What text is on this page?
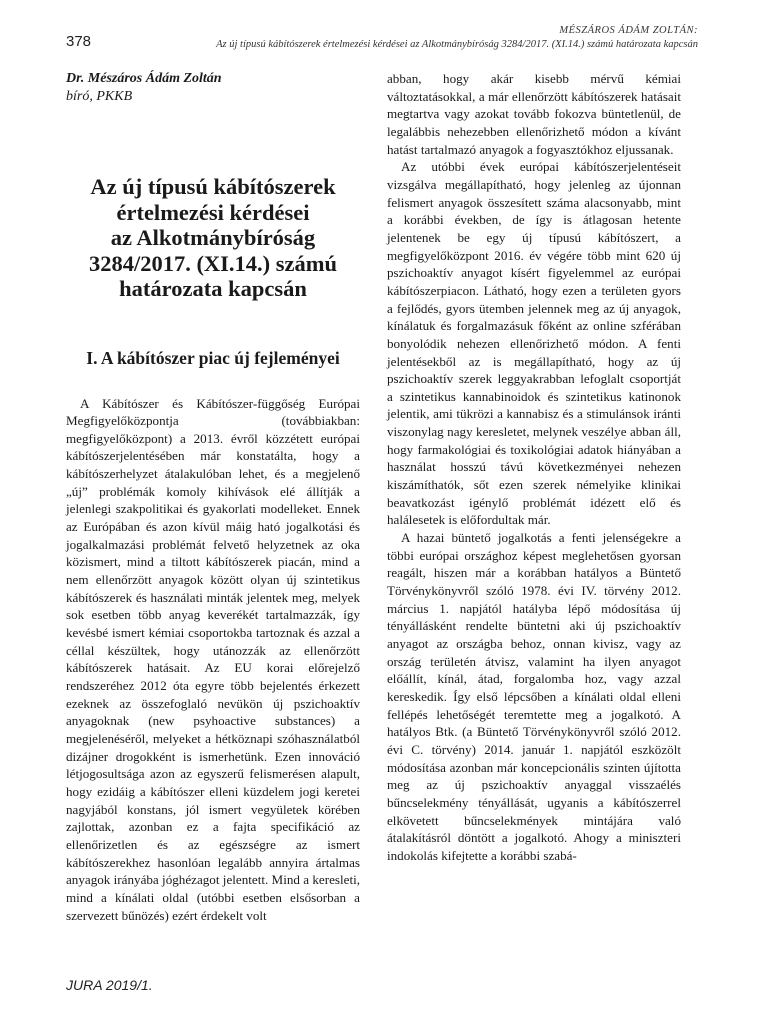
378
MÉSZÁROS ÁDÁM ZOLTÁN:
Az új típusú kábítószerek értelmezési kérdései az Alkotmánybíróság 3284/2017. (XI.14.) számú határozata kapcsán

Dr. Mészáros Ádám Zoltán

bíró, PKKB

Az új típusú kábítószerek
értelmezési kérdései
az Alkotmánybíróság
3284/2017. (XI.14.) számú
határozata kapcsán
I. A kábítószer piac új fejleményei

A Kábítószer és Kábítószer-függőség Európai Megfigyelőközpontja (továbbiakban: megfigyelőközpont) a 2013. évről közzétett európai kábítószerjelentésében már konstatálta, hogy a kábítószerhelyzet átalakulóban lehet, és a megjelenő „új” problémák komoly kihívások elé állítják a jelenlegi szakpolitikai és gyakorlati modelleket. Ennek az Európában és azon kívül máig ható jogalkotási és jogalkalmazási problémát felvető helyzetnek az oka közismert, mind a tiltott kábítószerek piacán, mind a nem ellenőrzött anyagok között olyan új szintetikus kábítószerek és használati minták jelentek meg, melyek sok esetben több anyag keverékét tartalmazzák, így kevésbé ismert kémiai csoportokba tartoznak és azzal a céllal készültek, hogy utánozzák az ellenőrzött kábítószerek hatásait. Az EU korai előrejelző rendszeréhez 2012 óta egyre több bejelentés érkezett ezeknek az összefoglaló nevükön új pszichoaktív anyagoknak (new psyhoactive substances) a megjelenéséről, melyeket a hétköznapi szóhasználatból dizájner drogokként is ismerhetünk. Ezen innováció létjogosultsága azon az egyszerű felismerésen alapult, hogy ezidáig a kábítószer elleni küzdelem jogi keretei nagyjából konstans, jól ismert vegyületek körében zajlottak, azonban ez a fajta specifikáció az ellenőrizetlen és az egészségre az ismert kábítószerekhez hasonlóan legalább annyira ártalmas anyagok irányába jóghézagot jelentett. Mind a keresleti, mind a kínálati oldal (utóbbi esetben elsősorban a szervezett bűnözés) ezért érdekelt volt

abban, hogy akár kisebb mérvű kémiai változtatásokkal, a már ellenőrzött kábítószerek hatásait megtartva vagy azokat tovább fokozva büntetlenül, de legalábbis nehezebben ellenőrizhető módon a kívánt hatást tartalmazó anyagok a fogyasztókhoz eljussanak.

Az utóbbi évek európai kábítószerjelentéseit vizsgálva megállapítható, hogy jelenleg az újonnan felismert anyagok összesített száma alacsonyabb, mint a korábbi években, de így is átlagosan hetente jelentenek be egy új típusú kábítószert, a megfigyelőközpont 2016. év végére több mint 620 új pszichoaktív anyagot kísért figyelemmel az európai kábítószerpiacon. Látható, hogy ezen a területen gyors a fejlődés, gyors ütemben jelennek meg az új anyagok, kínálatuk és forgalmazásuk főként az online szférában bonyolódik nehezen ellenőrizhető módon. A fenti jelentésekből az is megállapítható, hogy az új pszichoaktív szerek leggyakrabban lefoglalt csoportját a szintetikus kannabinoidok és szintetikus katinonok jelentik, ami tükrözi a kannabisz és a stimulánsok iránti viszonylag nagy keresletet, melynek veszélye abban áll, hogy farmakológiai és toxikológiai adatok hiányában a használat hosszú távú következményei nehezen kiszámíthatók, sőt ezen szerek némelyike klinikai beavatkozást igénylő problémát idézett elő és halálesetek is előfordultak már.

A hazai büntető jogalkotás a fenti jelenségekre a többi európai országhoz képest meglehetősen gyorsan reagált, hiszen már a korábban hatályos a Büntető Törvénykönyvről szóló 1978. évi IV. törvény 2012. március 1. napjától hatályba lépő módosítása új tényállásként rendelte büntetni aki új pszichoaktív anyagot az országba behoz, onnan kivisz, vagy az ország területén átvisz, valamint ha ilyen anyagot előállít, kínál, átad, forgalomba hoz, vagy azzal kereskedik. Így első lépcsőben a kínálati oldal elleni fellépés lehetőségét teremtette meg a jogalkotó. A hatályos Btk. (a Büntető Törvénykönyvről szóló 2012. évi C. törvény) 2014. január 1. napjától eszközölt módosítása azonban már koncepcionális szinten újította meg az új pszichoaktív anyaggal visszaélés bűncselekmény tényállását, ugyanis a kábítószerrel elkövetett bűncselekmények mintájára való átalakításról döntött a jogalkotó. Ahogy a miniszteri indokolás kifejtette a korábbi szabá-

JURA 2019/1.
